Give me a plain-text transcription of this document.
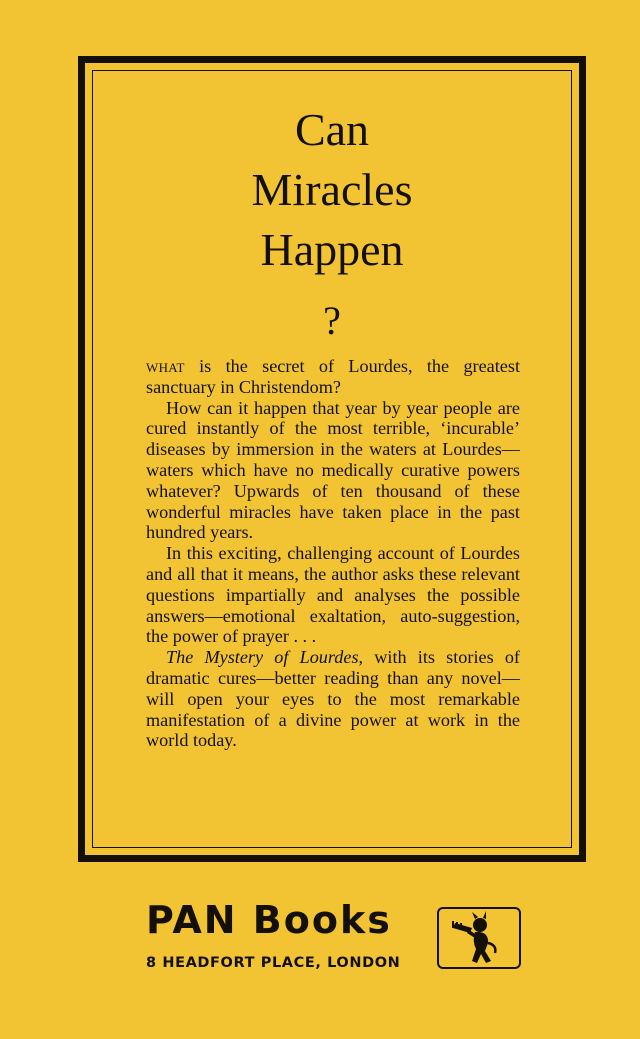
Can
Miracles
Happen
?

what is the secret of Lourdes, the greatest sanctuary in Christendom?

How can it happen that year by year people are cured instantly of the most terrible, ‘incurable’ diseases by immersion in the waters at Lourdes—waters which have no medically curative powers whatever? Upwards of ten thousand of these wonderful miracles have taken place in the past hundred years.

In this exciting, challenging account of Lourdes and all that it means, the author asks these relevant questions impartially and analyses the possible answers—emotional exaltation, auto-suggestion, the power of prayer . . .

The Mystery of Lourdes, with its stories of dramatic cures—better reading than any novel—will open your eyes to the most remarkable manifestation of a divine power at work in the world today.

PAN Books
8 HEADFORT PLACE, LONDON
